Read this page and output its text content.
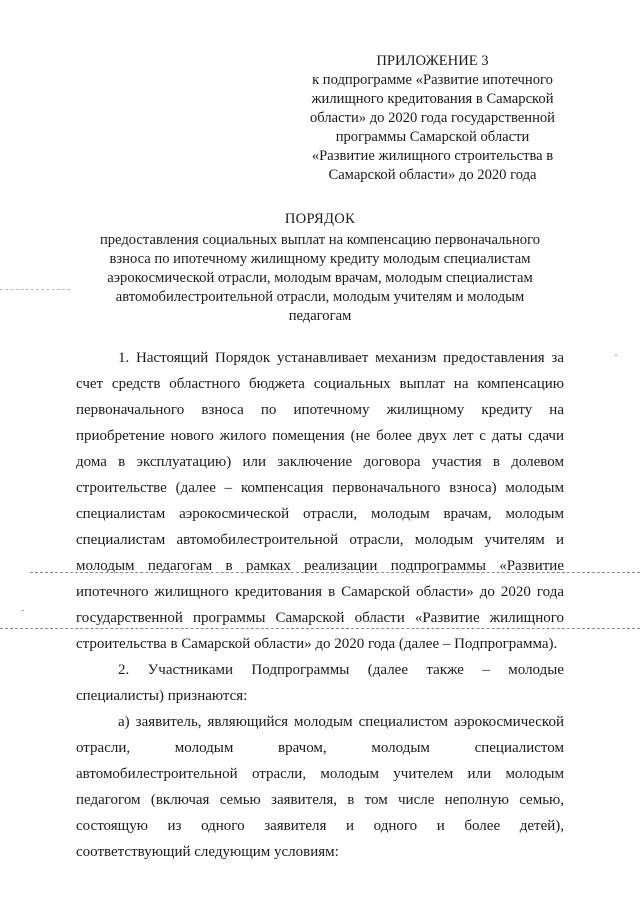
ПРИЛОЖЕНИЕ 3
к подпрограмме «Развитие ипотечного
жилищного кредитования в Самарской
области» до 2020 года государственной
программы Самарской области
«Развитие жилищного строительства в
Самарской области» до 2020 года
ПОРЯДОК
предоставления социальных выплат на компенсацию первоначального
взноса по ипотечному жилищному кредиту молодым специалистам
аэрокосмической отрасли, молодым врачам, молодым специалистам
автомобилестроительной отрасли, молодым учителям и молодым
педагогам
1. Настоящий Порядок устанавливает механизм предоставления за
счет средств областного бюджета социальных выплат на компенсацию
первоначального взноса по ипотечному жилищному кредиту на
приобретение нового жилого помещения (не более двух лет с даты сдачи
дома в эксплуатацию) или заключение договора участия в долевом
строительстве (далее – компенсация первоначального взноса) молодым
специалистам аэрокосмической отрасли, молодым врачам, молодым
специалистам автомобилестроительной отрасли, молодым учителям и
молодым педагогам в рамках реализации подпрограммы «Развитие
ипотечного жилищного кредитования в Самарской области» до 2020 года
государственной программы Самарской области «Развитие жилищного
строительства в Самарской области» до 2020 года (далее – Подпрограмма).
2. Участниками Подпрограммы (далее также – молодые
специалисты) признаются:
а) заявитель, являющийся молодым специалистом аэрокосмической
отрасли, молодым врачом, молодым специалистом
автомобилестроительной отрасли, молодым учителем или молодым
педагогом (включая семью заявителя, в том числе неполную семью,
состоящую из одного заявителя и одного и более детей),
соответствующий следующим условиям:
